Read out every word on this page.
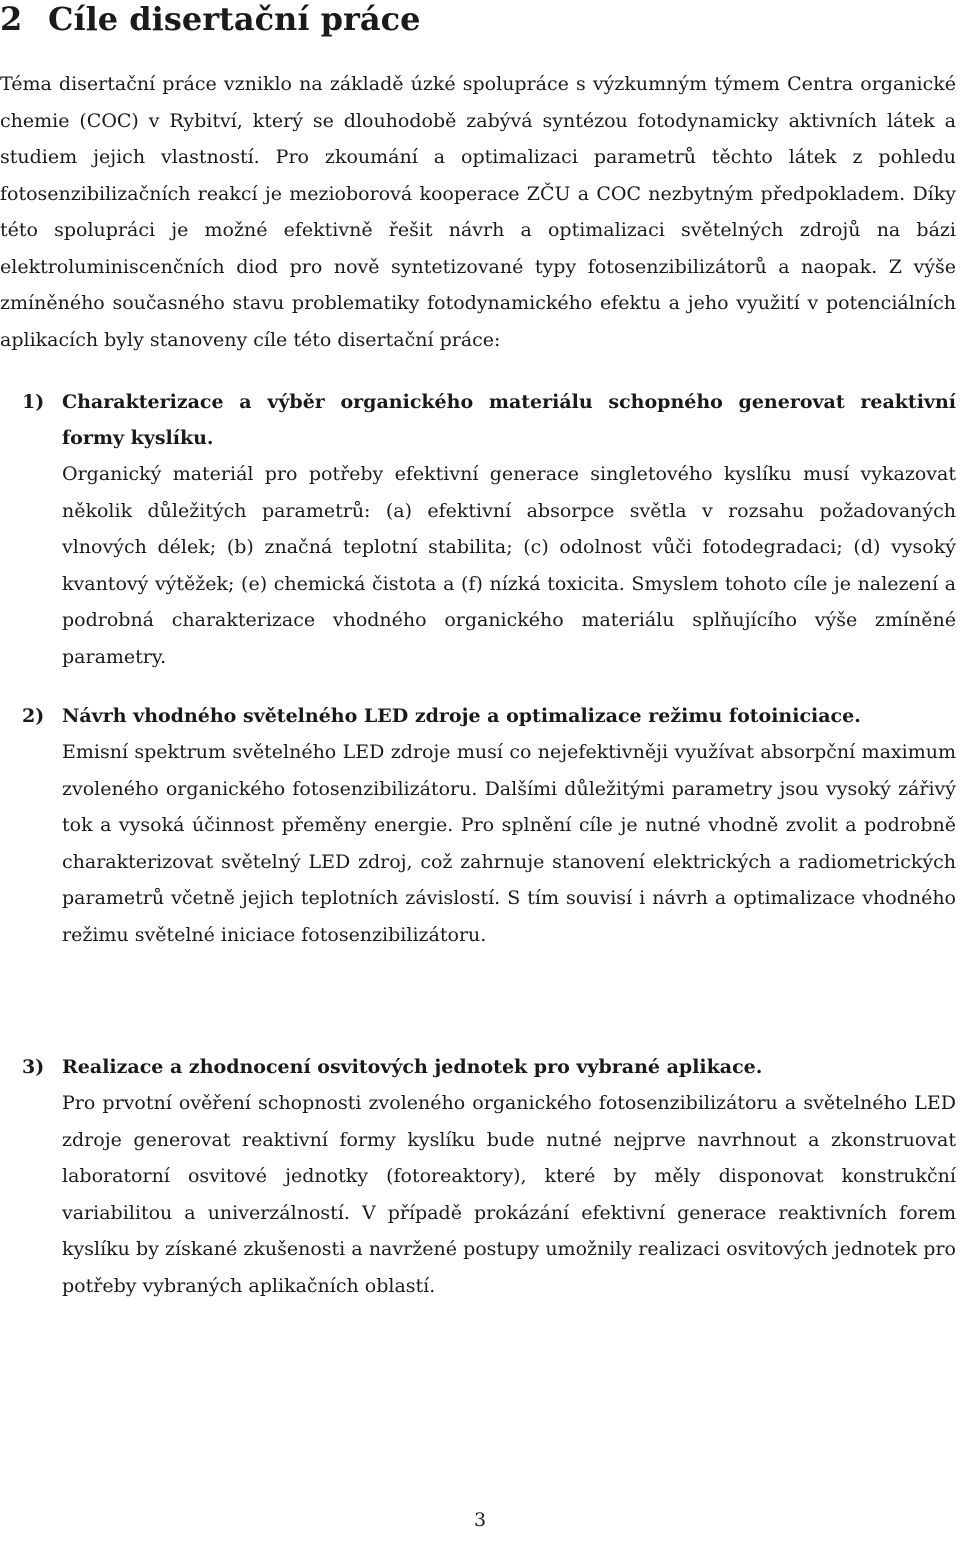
2 Cíle disertační práce

Téma disertační práce vzniklo na základě úzké spolupráce s výzkumným týmem Centra organické chemie (COC) v Rybitví, který se dlouhodobě zabývá syntézou fotodynamicky aktivních látek a studiem jejich vlastností. Pro zkoumání a optimalizaci parametrů těchto látek z pohledu fotosenzibilizačních reakcí je mezioborová kooperace ZČU a COC nezbytným předpokladem. Díky této spolupráci je možné efektivně řešit návrh a optimalizaci světelných zdrojů na bázi elektroluminiscenčních diod pro nově syntetizované typy fotosenzibilizátorů a naopak. Z výše zmíněného současného stavu problematiky fotodynamického efektu a jeho využití v potenciálních aplikacích byly stanoveny cíle této disertační práce:

1) Charakterizace a výběr organického materiálu schopného generovat reaktivní formy kyslíku.

Organický materiál pro potřeby efektivní generace singletového kyslíku musí vykazovat několik důležitých parametrů: (a) efektivní absorpce světla v rozsahu požadovaných vlnových délek; (b) značná teplotní stabilita; (c) odolnost vůči fotodegradaci; (d) vysoký kvantový výtěžek; (e) chemická čistota a (f) nízká toxicita. Smyslem tohoto cíle je nalezení a podrobná charakterizace vhodného organického materiálu splňujícího výše zmíněné parametry.

2) Návrh vhodného světelného LED zdroje a optimalizace režimu fotoiniciace.

Emisní spektrum světelného LED zdroje musí co nejefektivněji využívat absorpční maximum zvoleného organického fotosenzibilizátoru. Dalšími důležitými parametry jsou vysoký zářivý tok a vysoká účinnost přeměny energie. Pro splnění cíle je nutné vhodně zvolit a podrobně charakterizovat světelný LED zdroj, což zahrnuje stanovení elektrických a radiometrických parametrů včetně jejich teplotních závislostí. S tím souvisí i návrh a optimalizace vhodného režimu světelné iniciace fotosenzibilizátoru.

3) Realizace a zhodnocení osvitových jednotek pro vybrané aplikace.

Pro prvotní ověření schopnosti zvoleného organického fotosenzibilizátoru a světelného LED zdroje generovat reaktivní formy kyslíku bude nutné nejprve navrhnout a zkonstruovat laboratorní osvitové jednotky (fotoreaktory), které by měly disponovat konstrukční variabilitou a univerzálností. V případě prokázání efektivní generace reaktivních forem kyslíku by získané zkušenosti a navržené postupy umožnily realizaci osvitových jednotek pro potřeby vybraných aplikačních oblastí.

3
